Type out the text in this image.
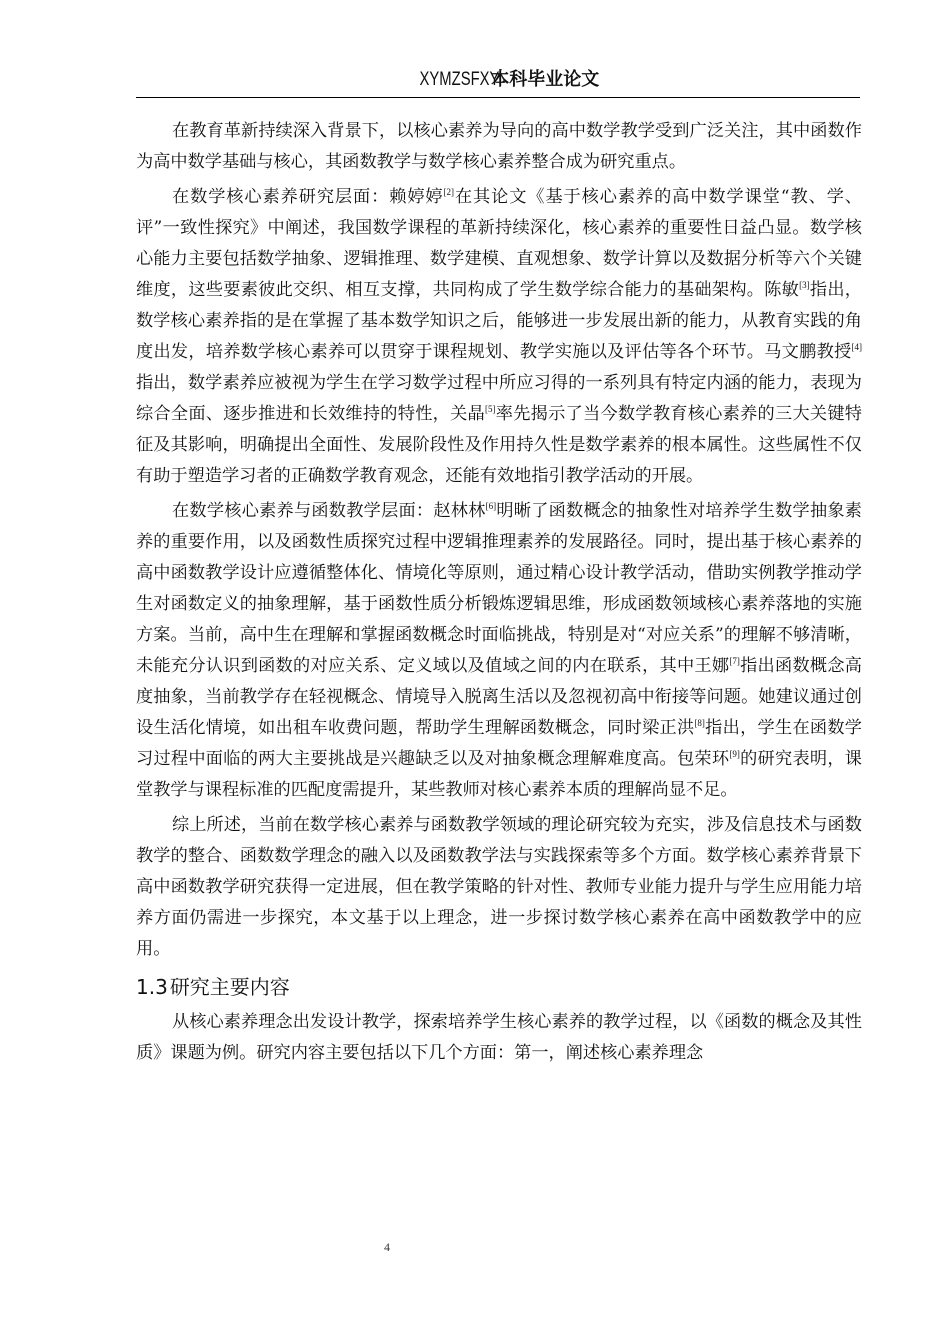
XYMZSFXY本科毕业论文

在教育革新持续深入背景下，以核心素养为导向的高中数学教学受到广泛关注，其中函数作为高中数学基础与核心，其函数教学与数学核心素养整合成为研究重点。

在数学核心素养研究层面：赖婷婷[2]在其论文《基于核心素养的高中数学课堂“教、学、评”一致性探究》中阐述，我国数学课程的革新持续深化，核心素养的重要性日益凸显。数学核心能力主要包括数学抽象、逻辑推理、数学建模、直观想象、数学计算以及数据分析等六个关键维度，这些要素彼此交织、相互支撑，共同构成了学生数学综合能力的基础架构。陈敏[3]指出，数学核心素养指的是在掌握了基本数学知识之后，能够进一步发展出新的能力，从教育实践的角度出发，培养数学核心素养可以贯穿于课程规划、教学实施以及评估等各个环节。马文鹏教授[4]指出，数学素养应被视为学生在学习数学过程中所应习得的一系列具有特定内涵的能力，表现为综合全面、逐步推进和长效维持的特性，关晶[5]率先揭示了当今数学教育核心素养的三大关键特征及其影响，明确提出全面性、发展阶段性及作用持久性是数学素养的根本属性。这些属性不仅有助于塑造学习者的正确数学教育观念，还能有效地指引教学活动的开展。

在数学核心素养与函数教学层面：赵林林[6]明晰了函数概念的抽象性对培养学生数学抽象素养的重要作用，以及函数性质探究过程中逻辑推理素养的发展路径。同时，提出基于核心素养的高中函数教学设计应遵循整体化、情境化等原则，通过精心设计教学活动，借助实例教学推动学生对函数定义的抽象理解，基于函数性质分析锻炼逻辑思维，形成函数领域核心素养落地的实施方案。当前，高中生在理解和掌握函数概念时面临挑战，特别是对“对应关系”的理解不够清晰，未能充分认识到函数的对应关系、定义域以及值域之间的内在联系，其中王娜[7]指出函数概念高度抽象，当前教学存在轻视概念、情境导入脱离生活以及忽视初高中衔接等问题。她建议通过创设生活化情境，如出租车收费问题，帮助学生理解函数概念，同时梁正洪[8]指出，学生在函数学习过程中面临的两大主要挑战是兴趣缺乏以及对抽象概念理解难度高。包荣环[9]的研究表明，课堂教学与课程标准的匹配度需提升，某些教师对核心素养本质的理解尚显不足。

综上所述，当前在数学核心素养与函数教学领域的理论研究较为充实，涉及信息技术与函数教学的整合、函数数学理念的融入以及函数教学法与实践探索等多个方面。数学核心素养背景下高中函数教学研究获得一定进展，但在教学策略的针对性、教师专业能力提升与学生应用能力培养方面仍需进一步探究，本文基于以上理念，进一步探讨数学核心素养在高中函数教学中的应用。

1.3  研究主要内容

从核心素养理念出发设计教学，探索培养学生核心素养的教学过程，以《函数的概念及其性质》课题为例。研究内容主要包括以下几个方面：第一，阐述核心素养理念

4
